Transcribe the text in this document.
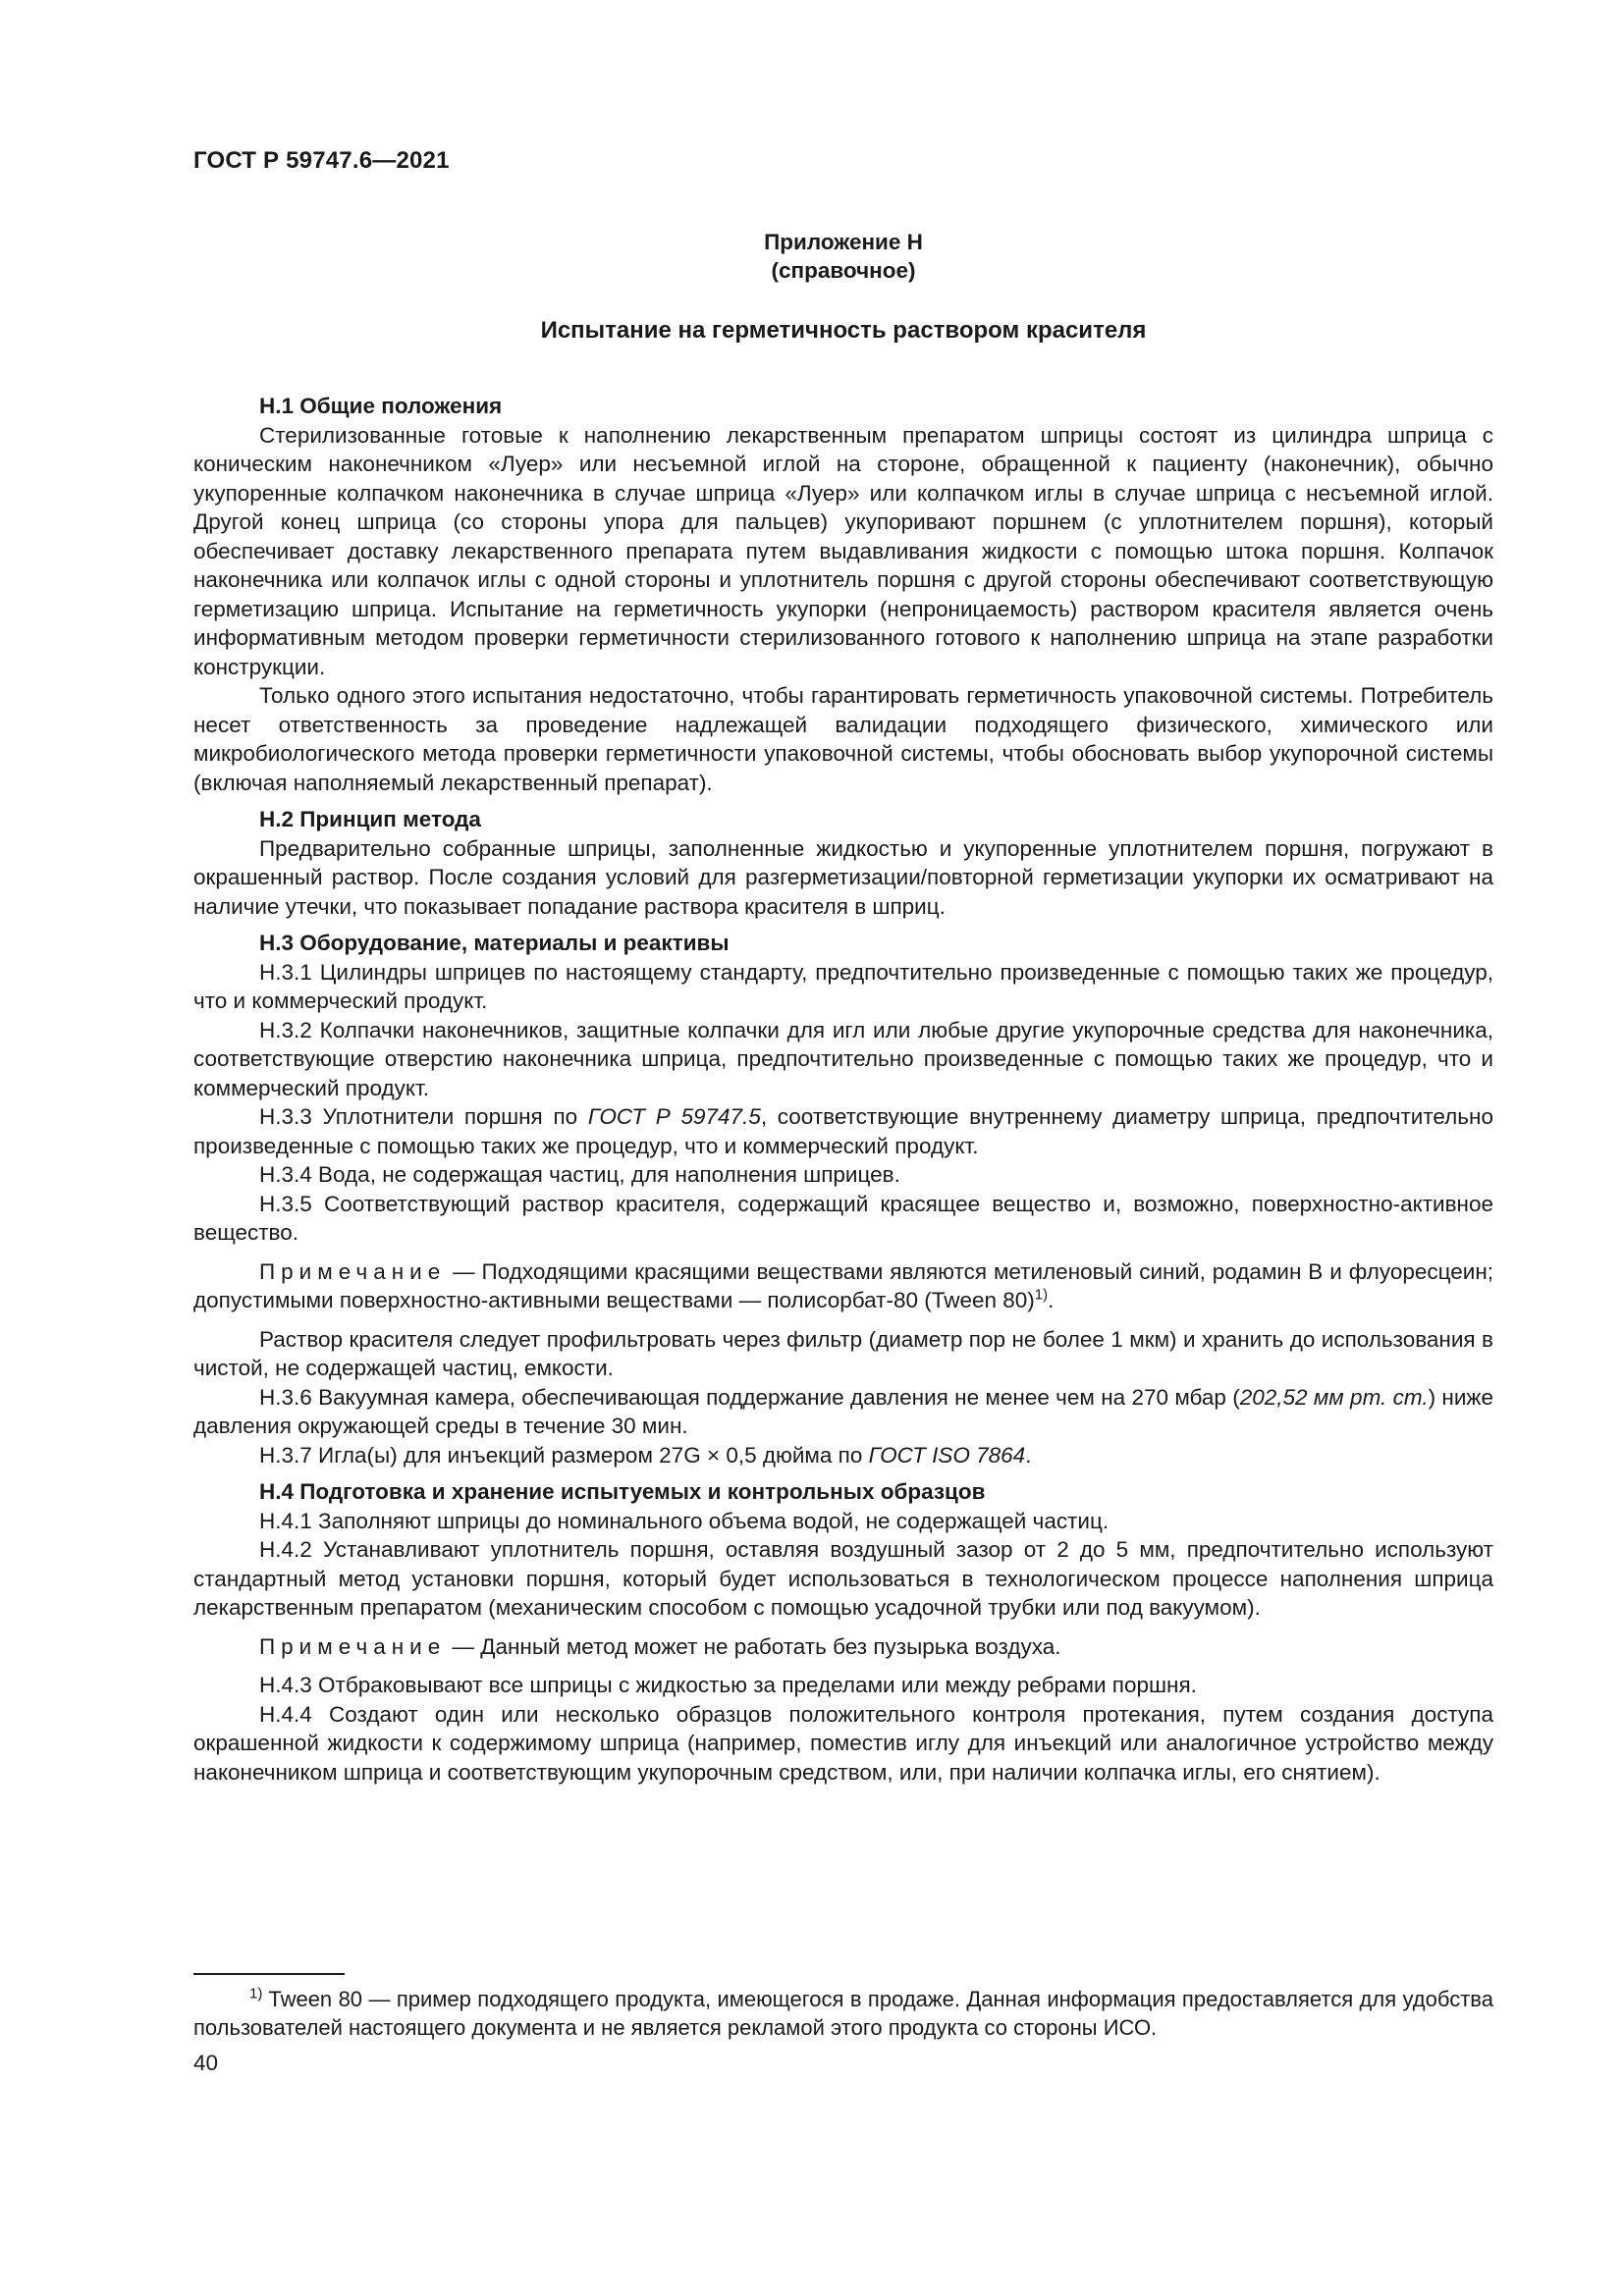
ГОСТ Р 59747.6—2021
Приложение Н
(справочное)
Испытание на герметичность раствором красителя
Н.1 Общие положения

Стерилизованные готовые к наполнению лекарственным препаратом шприцы состоят из цилиндра шприца с коническим наконечником «Луер» или несъемной иглой на стороне, обращенной к пациенту (наконечник), обычно укупоренные колпачком наконечника в случае шприца «Луер» или колпачком иглы в случае шприца с несъемной иглой. Другой конец шприца (со стороны упора для пальцев) укупоривают поршнем (с уплотнителем поршня), который обеспечивает доставку лекарственного препарата путем выдавливания жидкости с помощью штока поршня. Колпачок наконечника или колпачок иглы с одной стороны и уплотнитель поршня с другой стороны обеспечивают соответствующую герметизацию шприца. Испытание на герметичность укупорки (непроницаемость) раствором красителя является очень информативным методом проверки герметичности стерилизованного готового к наполнению шприца на этапе разработки конструкции.

Только одного этого испытания недостаточно, чтобы гарантировать герметичность упаковочной системы. Потребитель несет ответственность за проведение надлежащей валидации подходящего физического, химического или микробиологического метода проверки герметичности упаковочной системы, чтобы обосновать выбор укупорочной системы (включая наполняемый лекарственный препарат).

Н.2 Принцип метода

Предварительно собранные шприцы, заполненные жидкостью и укупоренные уплотнителем поршня, погружают в окрашенный раствор. После создания условий для разгерметизации/повторной герметизации укупорки их осматривают на наличие утечки, что показывает попадание раствора красителя в шприц.

Н.3 Оборудование, материалы и реактивы

Н.3.1 Цилиндры шприцев по настоящему стандарту, предпочтительно произведенные с помощью таких же процедур, что и коммерческий продукт.

Н.3.2 Колпачки наконечников, защитные колпачки для игл или любые другие укупорочные средства для наконечника, соответствующие отверстию наконечника шприца, предпочтительно произведенные с помощью таких же процедур, что и коммерческий продукт.

Н.3.3 Уплотнители поршня по ГОСТ Р 59747.5, соответствующие внутреннему диаметру шприца, предпочтительно произведенные с помощью таких же процедур, что и коммерческий продукт.

Н.3.4 Вода, не содержащая частиц, для наполнения шприцев.

Н.3.5 Соответствующий раствор красителя, содержащий красящее вещество и, возможно, поверхностно-активное вещество.

Примечание — Подходящими красящими веществами являются метиленовый синий, родамин В и флуоресцеин; допустимыми поверхностно-активными веществами — полисорбат-80 (Tween 80)$^{1)}$.

Раствор красителя следует профильтровать через фильтр (диаметр пор не более 1 мкм) и хранить до использования в чистой, не содержащей частиц, емкости.

Н.3.6 Вакуумная камера, обеспечивающая поддержание давления не менее чем на 270 мбар (202,52 мм рт. ст.) ниже давления окружающей среды в течение 30 мин.

Н.3.7 Игла(ы) для инъекций размером 27G × 0,5 дюйма по ГОСТ ISO 7864.

Н.4 Подготовка и хранение испытуемых и контрольных образцов

Н.4.1 Заполняют шприцы до номинального объема водой, не содержащей частиц.

Н.4.2 Устанавливают уплотнитель поршня, оставляя воздушный зазор от 2 до 5 мм, предпочтительно используют стандартный метод установки поршня, который будет использоваться в технологическом процессе наполнения шприца лекарственным препаратом (механическим способом с помощью усадочной трубки или под вакуумом).

Примечание — Данный метод может не работать без пузырька воздуха.

Н.4.3 Отбраковывают все шприцы с жидкостью за пределами или между ребрами поршня.

Н.4.4 Создают один или несколько образцов положительного контроля протекания, путем создания доступа окрашенной жидкости к содержимому шприца (например, поместив иглу для инъекций или аналогичное устройство между наконечником шприца и соответствующим укупорочным средством, или, при наличии колпачка иглы, его снятием).

$^{1)}$ Tween 80 — пример подходящего продукта, имеющегося в продаже. Данная информация предоставляется для удобства пользователей настоящего документа и не является рекламой этого продукта со стороны ИСО.
40
